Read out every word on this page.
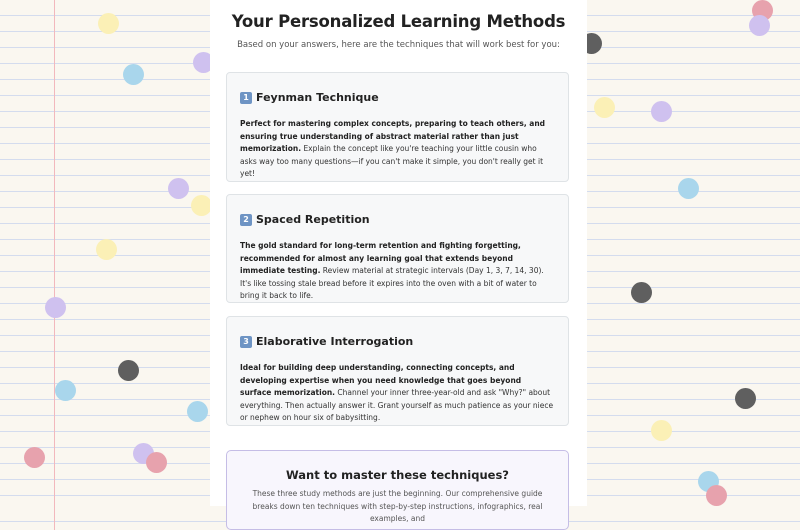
Your Personalized Learning Methods
Based on your answers, here are the techniques that will work best for you:
1 Feynman Technique
Perfect for mastering complex concepts, preparing to teach others, and ensuring true understanding of abstract material rather than just memorization. Explain the concept like you're teaching your little cousin who asks way too many questions—if you can't make it simple, you don't really get it yet!
2 Spaced Repetition
The gold standard for long-term retention and fighting forgetting, recommended for almost any learning goal that extends beyond immediate testing. Review material at strategic intervals (Day 1, 3, 7, 14, 30). It's like tossing stale bread before it expires into the oven with a bit of water to bring it back to life.
3 Elaborative Interrogation
Ideal for building deep understanding, connecting concepts, and developing expertise when you need knowledge that goes beyond surface memorization. Channel your inner three-year-old and ask "Why?" about everything. Then actually answer it. Grant yourself as much patience as your niece or nephew on hour six of babysitting.
Want to master these techniques?
These three study methods are just the beginning. Our comprehensive guide breaks down ten techniques with step-by-step instructions, infographics, real examples, and
